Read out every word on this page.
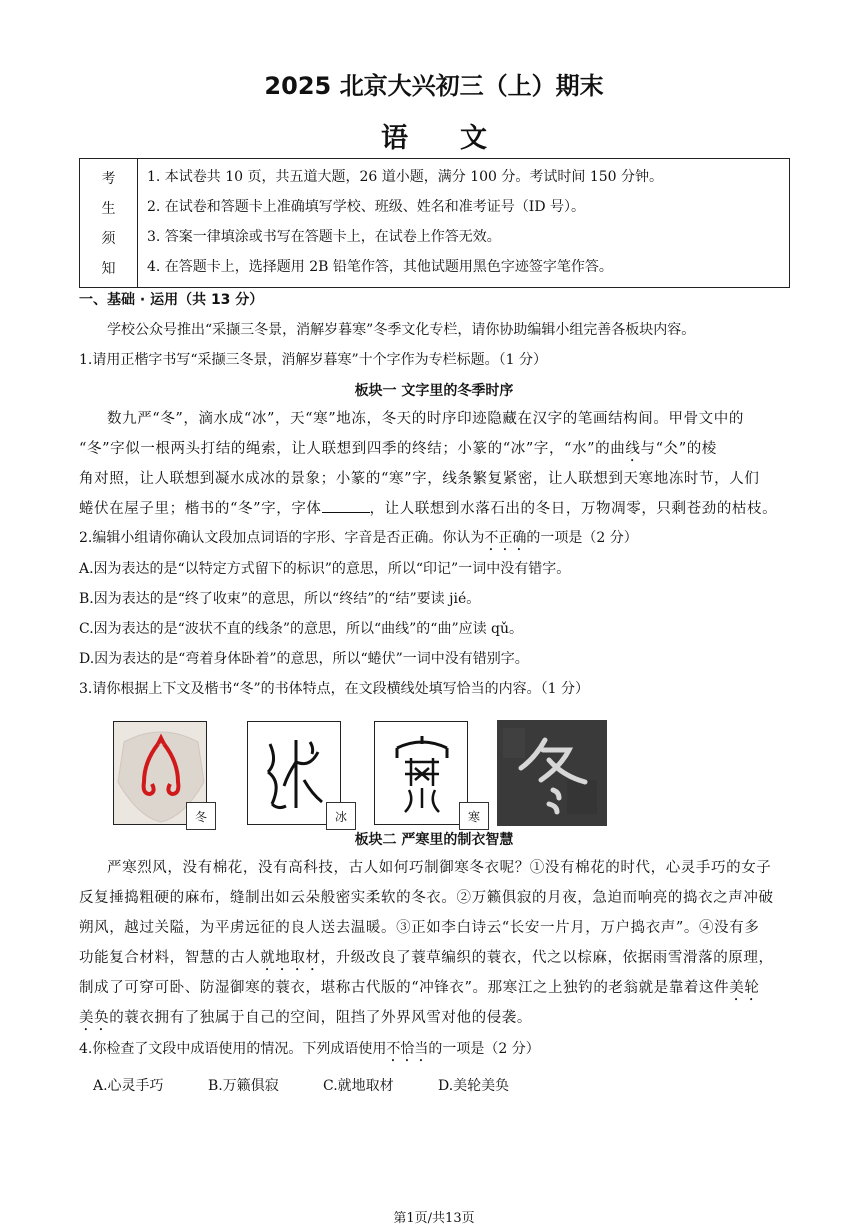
2025 北京大兴初三（上）期末
语文
考
生
须
知
1. 本试卷共 10 页，共五道大题，26 道小题，满分 100 分。考试时间 150 分钟。
2. 在试卷和答题卡上准确填写学校、班级、姓名和准考证号（ID 号）。
3. 答案一律填涂或书写在答题卡上，在试卷上作答无效。
4. 在答题卡上，选择题用 2B 铅笔作答，其他试题用黑色字迹签字笔作答。
一、基础 · 运用（共 13 分）
学校公众号推出“采撷三冬景，消解岁暮寒”冬季文化专栏，请你协助编辑小组完善各板块内容。
1.请用正楷字书写“采撷三冬景，消解岁暮寒”十个字作为专栏标题。（1 分）
板块一 文字里的冬季时序
数九严“冬”，滴水成“冰”，天“寒”地冻，冬天的时序印迹隐藏在汉字的笔画结构间。甲骨文中的
“冬”字似一根两头打结的绳索，让人联想到四季的终结；小篆的“冰”字，“水”的曲线与“仌”的棱
角对照，让人联想到凝水成冰的景象；小篆的“寒”字，线条繁复紧密，让人联想到天寒地冻时节，人们
蜷伏在屋子里；楷书的“冬”字，字体	，让人联想到水落石出的冬日，万物凋零，只剩苍劲的枯枝。
2.编辑小组请你确认文段加点词语的字形、字音是否正确。你认为不正确的一项是（2 分）
A.因为表达的是“以特定方式留下的标识”的意思，所以“印记”一词中没有错字。
B.因为表达的是“终了收束”的意思，所以“终结”的“结”要读 jié。
C.因为表达的是“波状不直的线条”的意思，所以“曲线”的“曲”应读 qǔ。
D.因为表达的是“弯着身体卧着”的意思，所以“蜷伏”一词中没有错别字。
3.请你根据上下文及楷书“冬”的书体特点，在文段横线处填写恰当的内容。（1 分）
冬	冰	寒
板块二 严寒里的制衣智慧
严寒烈风，没有棉花，没有高科技，古人如何巧制御寒冬衣呢？①没有棉花的时代，心灵手巧的女子
反复捶捣粗硬的麻布，缝制出如云朵般密实柔软的冬衣。②万籁俱寂的月夜，急迫而响亮的捣衣之声冲破
朔风，越过关隘，为平虏远征的良人送去温暖。③正如李白诗云“长安一片月，万户捣衣声”。④没有多
功能复合材料，智慧的古人就地取材，升级改良了蓑草编织的蓑衣，代之以棕麻，依据雨雪滑落的原理，
制成了可穿可卧、防湿御寒的蓑衣，堪称古代版的“冲锋衣”。那寒江之上独钓的老翁就是靠着这件美轮
美奂的蓑衣拥有了独属于自己的空间，阻挡了外界风雪对他的侵袭。
4.你检查了文段中成语使用的情况。下列成语使用不恰当的一项是（2 分）
A.心灵手巧	B.万籁俱寂	C.就地取材	D.美轮美奂
第1页/共13页
